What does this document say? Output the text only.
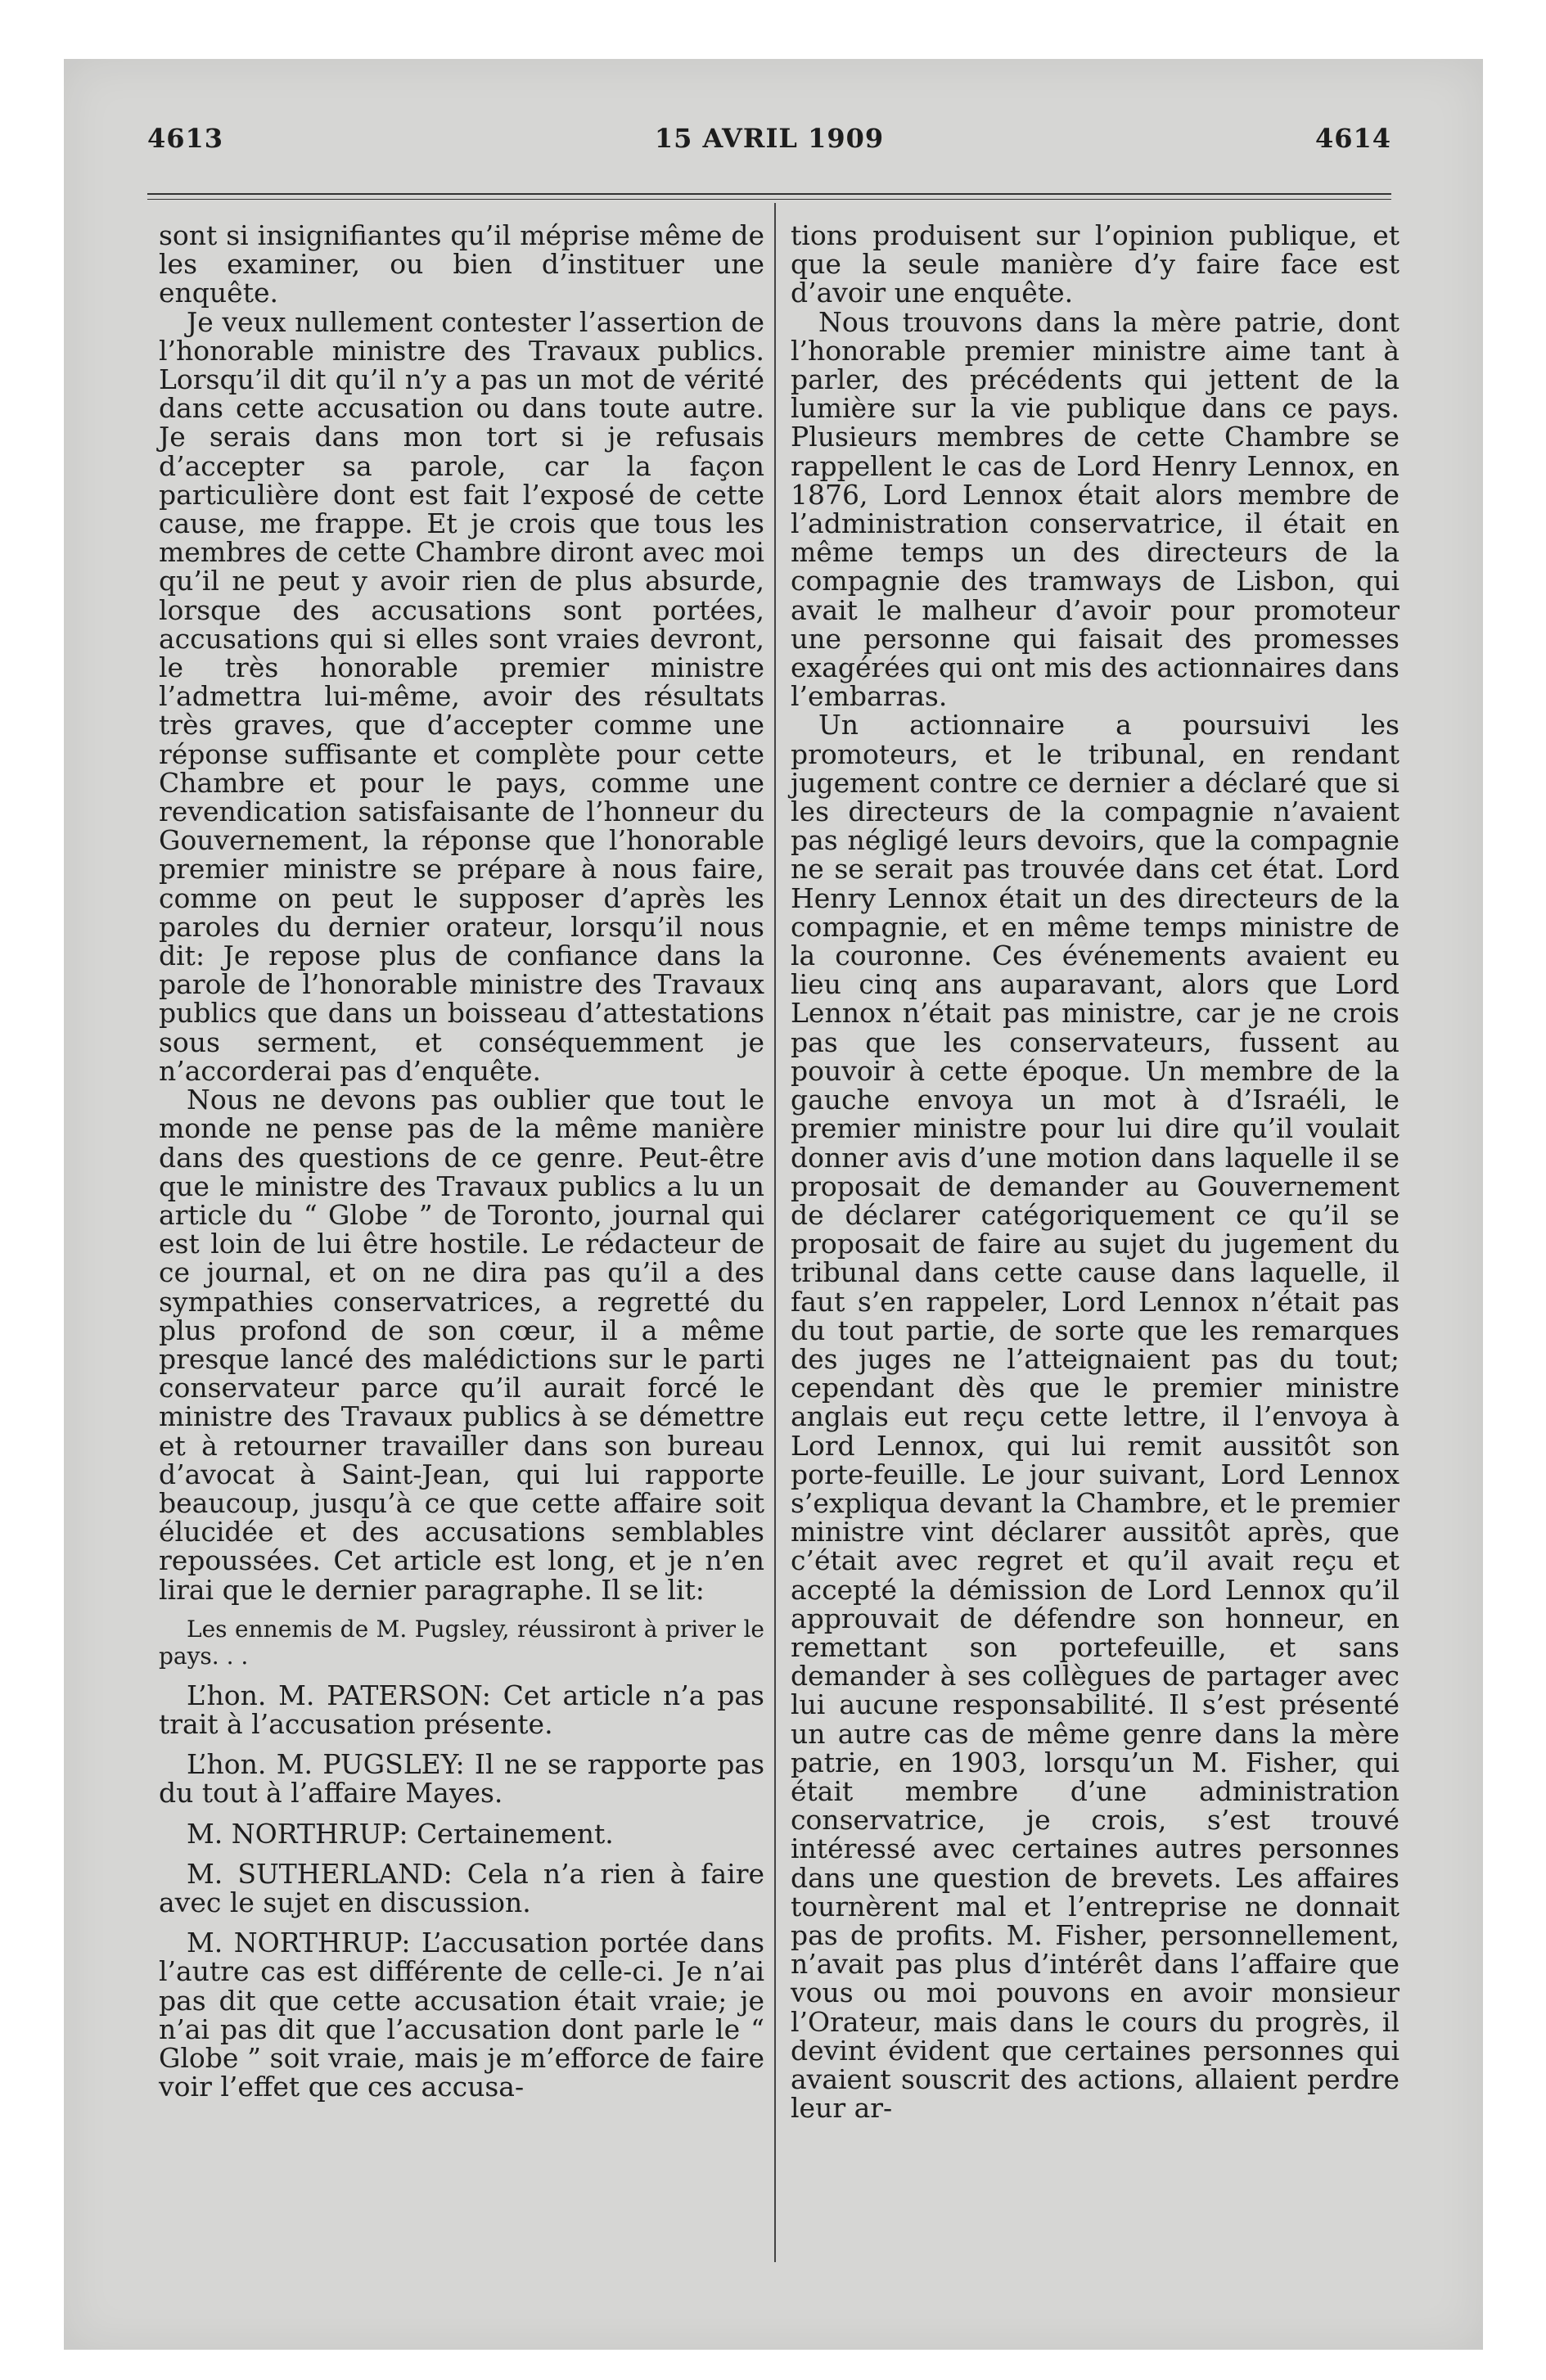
4613	15 AVRIL 1909	4614

sont si insignifiantes qu’il méprise même de les examiner, ou bien d’instituer une enquête.

Je veux nullement contester l’assertion de l’honorable ministre des Travaux publics. Lorsqu’il dit qu’il n’y a pas un mot de vérité dans cette accusation ou dans toute autre. Je serais dans mon tort si je refusais d’accepter sa parole, car la façon particulière dont est fait l’exposé de cette cause, me frappe. Et je crois que tous les membres de cette Chambre diront avec moi qu’il ne peut y avoir rien de plus absurde, lorsque des accusations sont portées, accusations qui si elles sont vraies devront, le très honorable premier ministre l’admettra lui-même, avoir des résultats très graves, que d’accepter comme une réponse suffisante et complète pour cette Chambre et pour le pays, comme une revendication satisfaisante de l’honneur du Gouvernement, la réponse que l’honorable premier ministre se prépare à nous faire, comme on peut le supposer d’après les paroles du dernier orateur, lorsqu’il nous dit: Je repose plus de confiance dans la parole de l’honorable ministre des Travaux publics que dans un boisseau d’attestations sous serment, et conséquemment je n’accorderai pas d’enquête.

Nous ne devons pas oublier que tout le monde ne pense pas de la même manière dans des questions de ce genre. Peut-être que le ministre des Travaux publics a lu un article du “ Globe ” de Toronto, journal qui est loin de lui être hostile. Le rédacteur de ce journal, et on ne dira pas qu’il a des sympathies conservatrices, a regretté du plus profond de son cœur, il a même presque lancé des malédictions sur le parti conservateur parce qu’il aurait forcé le ministre des Travaux publics à se démettre et à retourner travailler dans son bureau d’avocat à Saint-Jean, qui lui rapporte beaucoup, jusqu’à ce que cette affaire soit élucidée et des accusations semblables repoussées. Cet article est long, et je n’en lirai que le dernier paragraphe. Il se lit:

Les ennemis de M. Pugsley, réussiront à priver le pays. . .

L’hon. M. PATERSON: Cet article n’a pas trait à l’accusation présente.

L’hon. M. PUGSLEY: Il ne se rapporte pas du tout à l’affaire Mayes.

M. NORTHRUP: Certainement.

M. SUTHERLAND: Cela n’a rien à faire avec le sujet en discussion.

M. NORTHRUP: L’accusation portée dans l’autre cas est différente de celle-ci. Je n’ai pas dit que cette accusation était vraie; je n’ai pas dit que l’accusation dont parle le “ Globe ” soit vraie, mais je m’efforce de faire voir l’effet que ces accusa-

tions produisent sur l’opinion publique, et que la seule manière d’y faire face est d’avoir une enquête.

Nous trouvons dans la mère patrie, dont l’honorable premier ministre aime tant à parler, des précédents qui jettent de la lumière sur la vie publique dans ce pays. Plusieurs membres de cette Chambre se rappellent le cas de Lord Henry Lennox, en 1876, Lord Lennox était alors membre de l’administration conservatrice, il était en même temps un des directeurs de la compagnie des tramways de Lisbon, qui avait le malheur d’avoir pour promoteur une personne qui faisait des promesses exagérées qui ont mis des actionnaires dans l’embarras.

Un actionnaire a poursuivi les promoteurs, et le tribunal, en rendant jugement contre ce dernier a déclaré que si les directeurs de la compagnie n’avaient pas négligé leurs devoirs, que la compagnie ne se serait pas trouvée dans cet état. Lord Henry Lennox était un des directeurs de la compagnie, et en même temps ministre de la couronne. Ces événements avaient eu lieu cinq ans auparavant, alors que Lord Lennox n’était pas ministre, car je ne crois pas que les conservateurs, fussent au pouvoir à cette époque. Un membre de la gauche envoya un mot à d’Israéli, le premier ministre pour lui dire qu’il voulait donner avis d’une motion dans laquelle il se proposait de demander au Gouvernement de déclarer catégoriquement ce qu’il se proposait de faire au sujet du jugement du tribunal dans cette cause dans laquelle, il faut s’en rappeler, Lord Lennox n’était pas du tout partie, de sorte que les remarques des juges ne l’atteignaient pas du tout; cependant dès que le premier ministre anglais eut reçu cette lettre, il l’envoya à Lord Lennox, qui lui remit aussitôt son porte-feuille. Le jour suivant, Lord Lennox s’expliqua devant la Chambre, et le premier ministre vint déclarer aussitôt après, que c’était avec regret et qu’il avait reçu et accepté la démission de Lord Lennox qu’il approuvait de défendre son honneur, en remettant son portefeuille, et sans demander à ses collègues de partager avec lui aucune responsabilité. Il s’est présenté un autre cas de même genre dans la mère patrie, en 1903, lorsqu’un M. Fisher, qui était membre d’une administration conservatrice, je crois, s’est trouvé intéressé avec certaines autres personnes dans une question de brevets. Les affaires tournèrent mal et l’entreprise ne donnait pas de profits. M. Fisher, personnellement, n’avait pas plus d’intérêt dans l’affaire que vous ou moi pouvons en avoir monsieur l’Orateur, mais dans le cours du progrès, il devint évident que certaines personnes qui avaient souscrit des actions, allaient perdre leur ar-
